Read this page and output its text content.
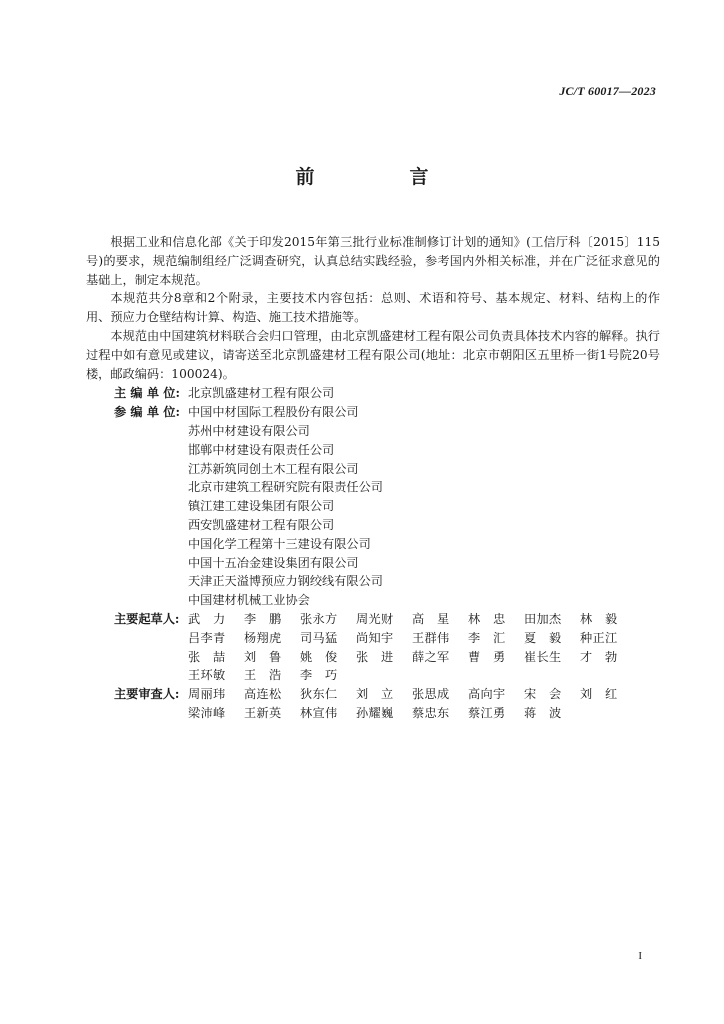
JC/T 60017—2023
前　言

根据工业和信息化部《关于印发2015年第三批行业标准制修订计划的通知》(工信厅科〔2015〕115号)的要求，规范编制组经广泛调查研究，认真总结实践经验，参考国内外相关标准，并在广泛征求意见的基础上，制定本规范。

本规范共分8章和2个附录，主要技术内容包括：总则、术语和符号、基本规定、材料、结构上的作用、预应力仓壁结构计算、构造、施工技术措施等。

本规范由中国建筑材料联合会归口管理，由北京凯盛建材工程有限公司负责具体技术内容的解释。执行过程中如有意见或建议，请寄送至北京凯盛建材工程有限公司(地址：北京市朝阳区五里桥一街1号院20号楼，邮政编码：100024)。

主 编 单 位: 北京凯盛建材工程有限公司
参 编 单 位: 中国中材国际工程股份有限公司
苏州中材建设有限公司
邯郸中材建设有限责任公司
江苏新筑同创土木工程有限公司
北京市建筑工程研究院有限责任公司
镇江建工建设集团有限公司
西安凯盛建材工程有限公司
中国化学工程第十三建设有限公司
中国十五冶金建设集团有限公司
天津正天溢博预应力钢绞线有限公司
中国建材机械工业协会
主要起草人: 武　力	李　鹏	张永方	周光财	高　星	林　忠	田加杰	林　毅
吕李青	杨翔虎	司马猛	尚知宇	王群伟	李　汇	夏　毅	种正江
张　喆	刘　鲁	姚　俊	张　进	薛之军	曹　勇	崔长生	才　勃
王环敏	王　浩	李　巧
主要审查人: 周丽玮	高连松	狄东仁	刘　立	张思成	高向宇	宋　会	刘　红
梁沛峰	王新英	林宣伟	孙耀巍	蔡忠东	蔡江勇	蒋　波
I
